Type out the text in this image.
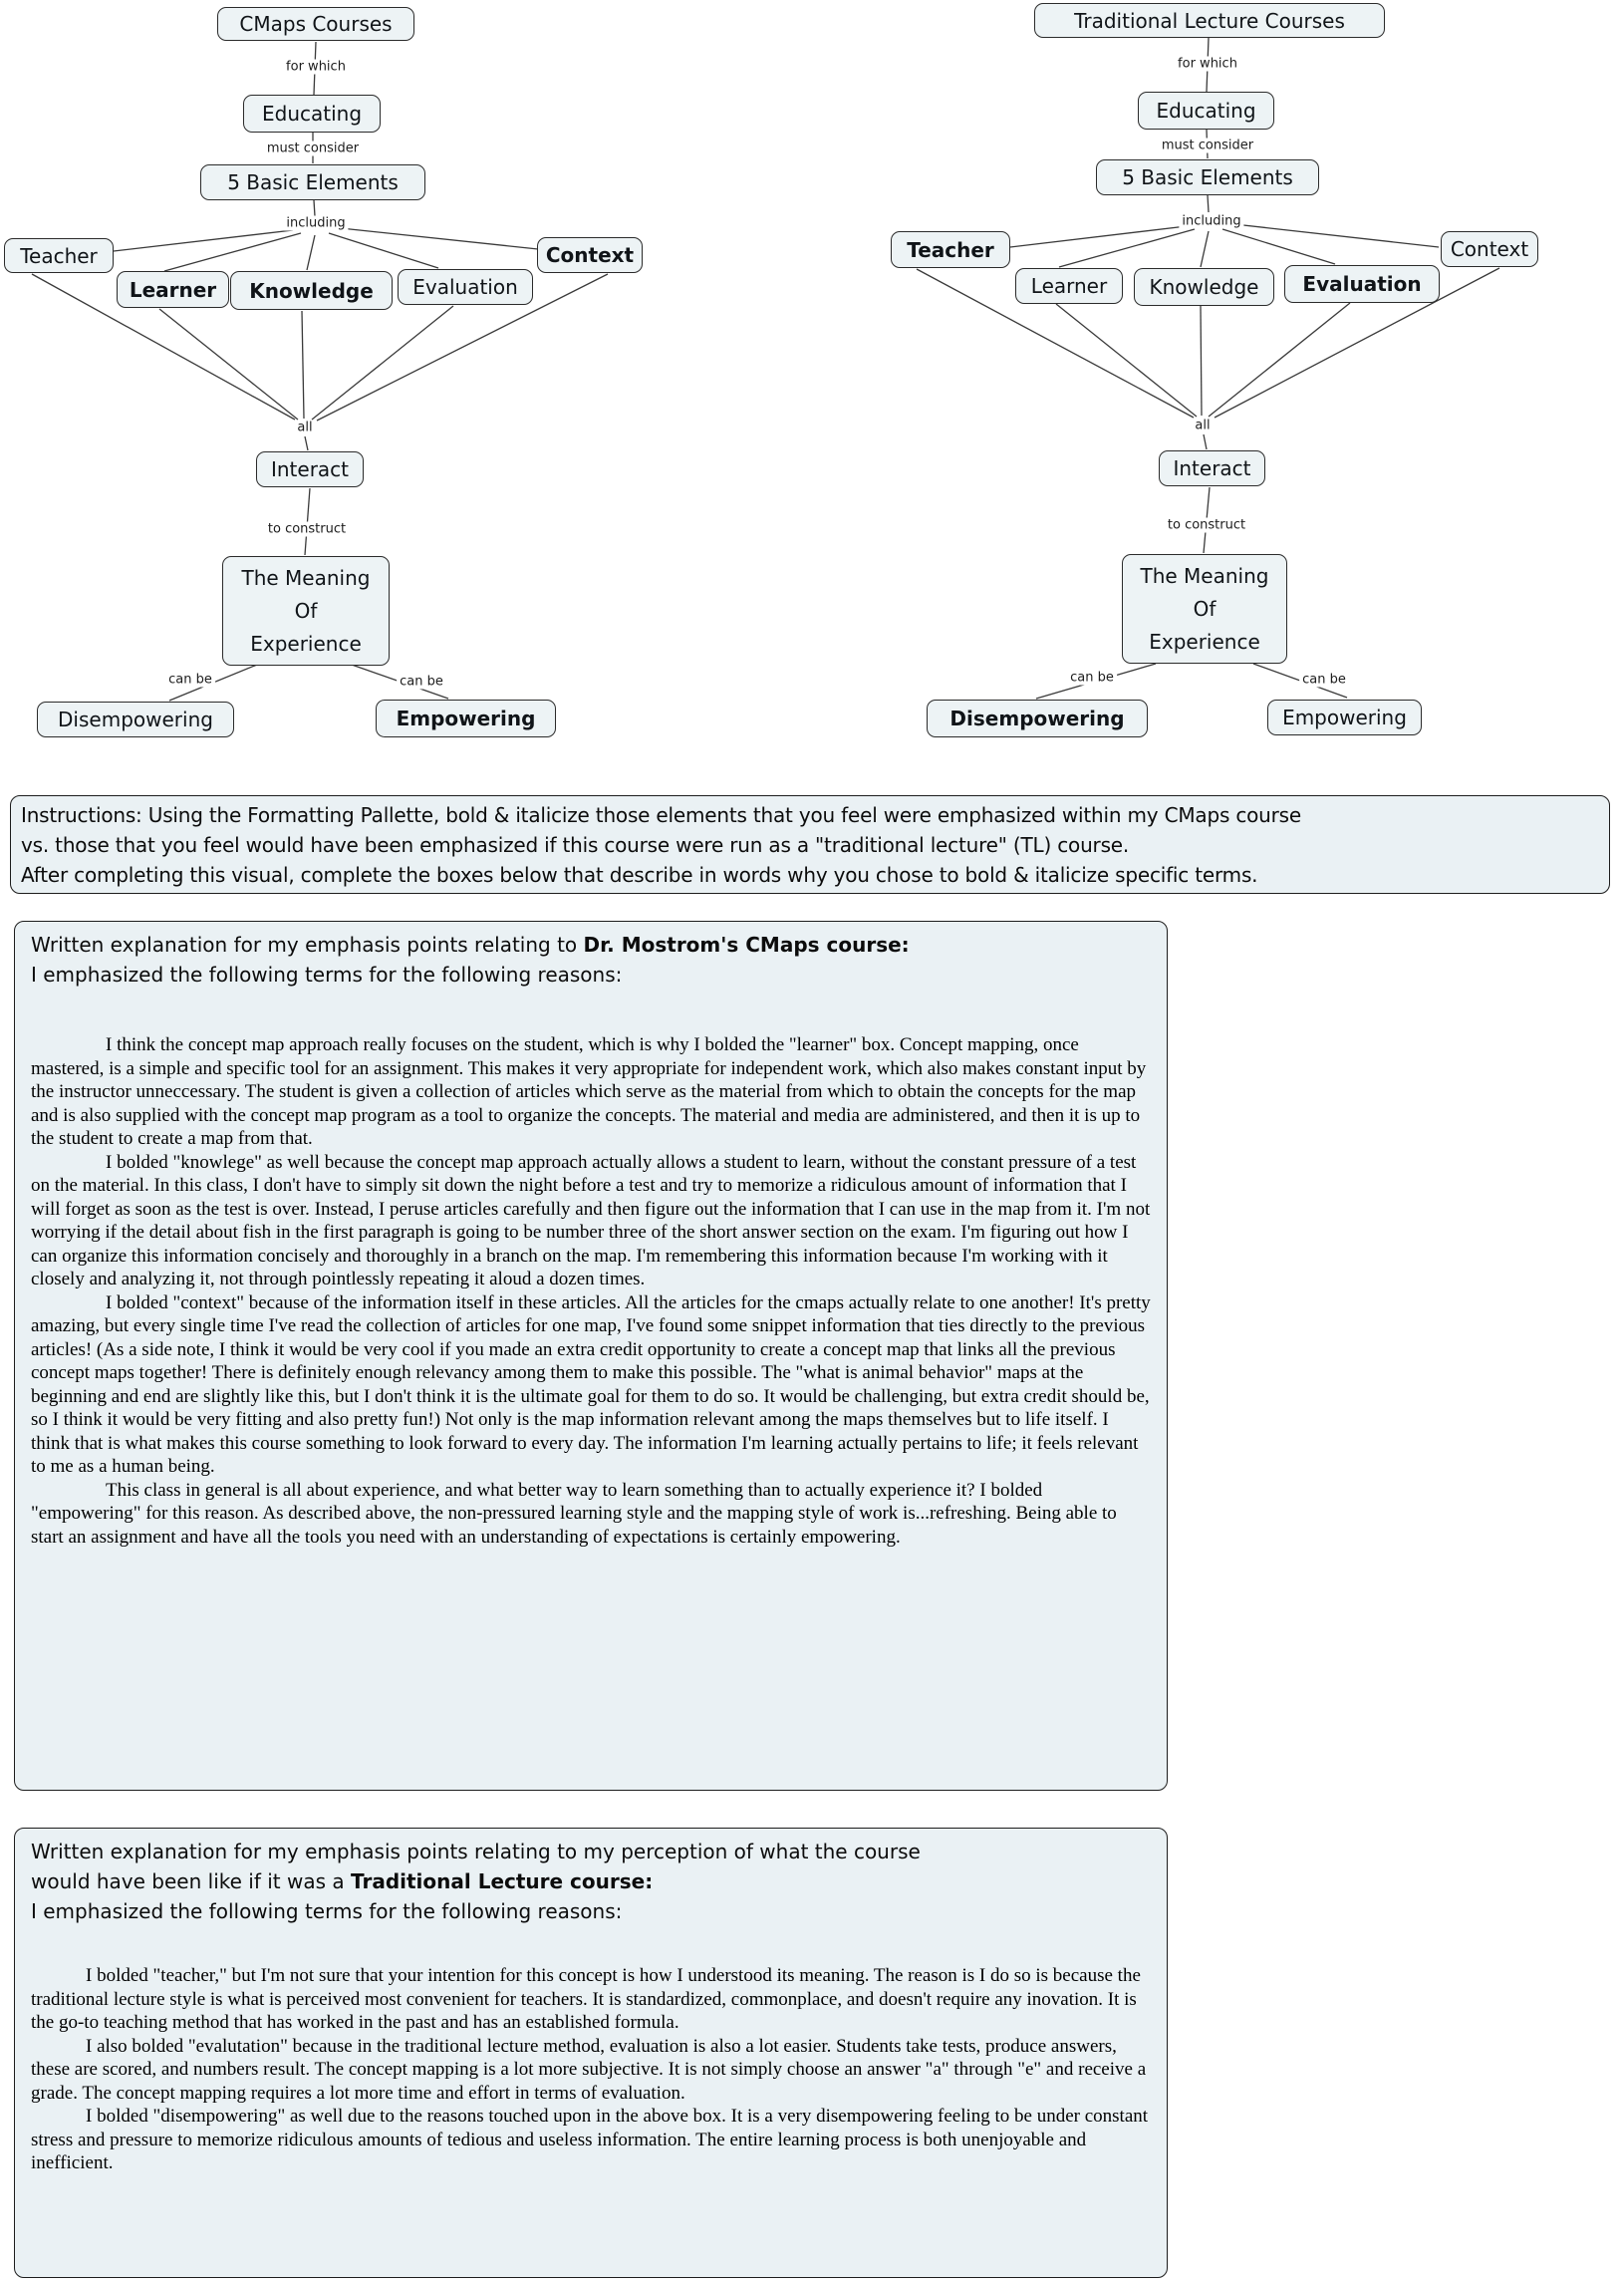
CMaps Courses
for which
Educating
must consider
5 Basic Elements
including
Teacher
Learner	Knowledge	Evaluation
Context
all
Interact
to construct
The Meaning
Of
Experience
can be	can be
Disempowering	Empowering
Traditional Lecture Courses
for which
Educating
must consider
5 Basic Elements
including
Teacher
Learner	Knowledge	Evaluation
Context
all
Interact
to construct
The Meaning
Of
Experience
can be	can be
Disempowering	Empowering
Instructions: Using the Formatting Pallette, bold & italicize those elements that you feel were emphasized within my CMaps course
vs. those that you feel would have been emphasized if this course were run as a "traditional lecture" (TL) course.
After completing this visual, complete the boxes below that describe in words why you chose to bold & italicize specific terms.
Written explanation for my emphasis points relating to Dr. Mostrom's CMaps course:
I emphasized the following terms for the following reasons:

I think the concept map approach really focuses on the student, which is why I bolded the "learner" box. Concept mapping, once mastered, is a simple and specific tool for an assignment. This makes it very appropriate for independent work, which also makes constant input by the instructor unneccessary. The student is given a collection of articles which serve as the material from which to obtain the concepts for the map and is also supplied with the concept map program as a tool to organize the concepts. The material and media are administered, and then it is up to the student to create a map from that.

I bolded "knowlege" as well because the concept map approach actually allows a student to learn, without the constant pressure of a test on the material. In this class, I don't have to simply sit down the night before a test and try to memorize a ridiculous amount of information that I will forget as soon as the test is over. Instead, I peruse articles carefully and then figure out the information that I can use in the map from it. I'm not worrying if the detail about fish in the first paragraph is going to be number three of the short answer section on the exam. I'm figuring out how I can organize this information concisely and thoroughly in a branch on the map. I'm remembering this information because I'm working with it closely and analyzing it, not through pointlessly repeating it aloud a dozen times.

I bolded "context" because of the information itself in these articles. All the articles for the cmaps actually relate to one another! It's pretty amazing, but every single time I've read the collection of articles for one map, I've found some snippet information that ties directly to the previous articles! (As a side note, I think it would be very cool if you made an extra credit opportunity to create a concept map that links all the previous concept maps together! There is definitely enough relevancy among them to make this possible. The "what is animal behavior" maps at the beginning and end are slightly like this, but I don't think it is the ultimate goal for them to do so. It would be challenging, but extra credit should be, so I think it would be very fitting and also pretty fun!) Not only is the map information relevant among the maps themselves but to life itself. I think that is what makes this course something to look forward to every day. The information I'm learning actually pertains to life; it feels relevant to me as a human being.

This class in general is all about experience, and what better way to learn something than to actually experience it? I bolded "empowering" for this reason. As described above, the non-pressured learning style and the mapping style of work is...refreshing. Being able to start an assignment and have all the tools you need with an understanding of expectations is certainly empowering.

Written explanation for my emphasis points relating to my perception of what the course
would have been like if it was a Traditional Lecture course:
I emphasized the following terms for the following reasons:

I bolded "teacher," but I'm not sure that your intention for this concept is how I understood its meaning. The reason is I do so is because the traditional lecture style is what is perceived most convenient for teachers. It is standardized, commonplace, and doesn't require any inovation. It is the go-to teaching method that has worked in the past and has an established formula.

I also bolded "evalutation" because in the traditional lecture method, evaluation is also a lot easier. Students take tests, produce answers, these are scored, and numbers result. The concept mapping is a lot more subjective. It is not simply choose an answer "a" through "e" and receive a grade. The concept mapping requires a lot more time and effort in terms of evaluation.

I bolded "disempowering" as well due to the reasons touched upon in the above box. It is a very disempowering feeling to be under constant stress and pressure to memorize ridiculous amounts of tedious and useless information. The entire learning process is both unenjoyable and inefficient.
